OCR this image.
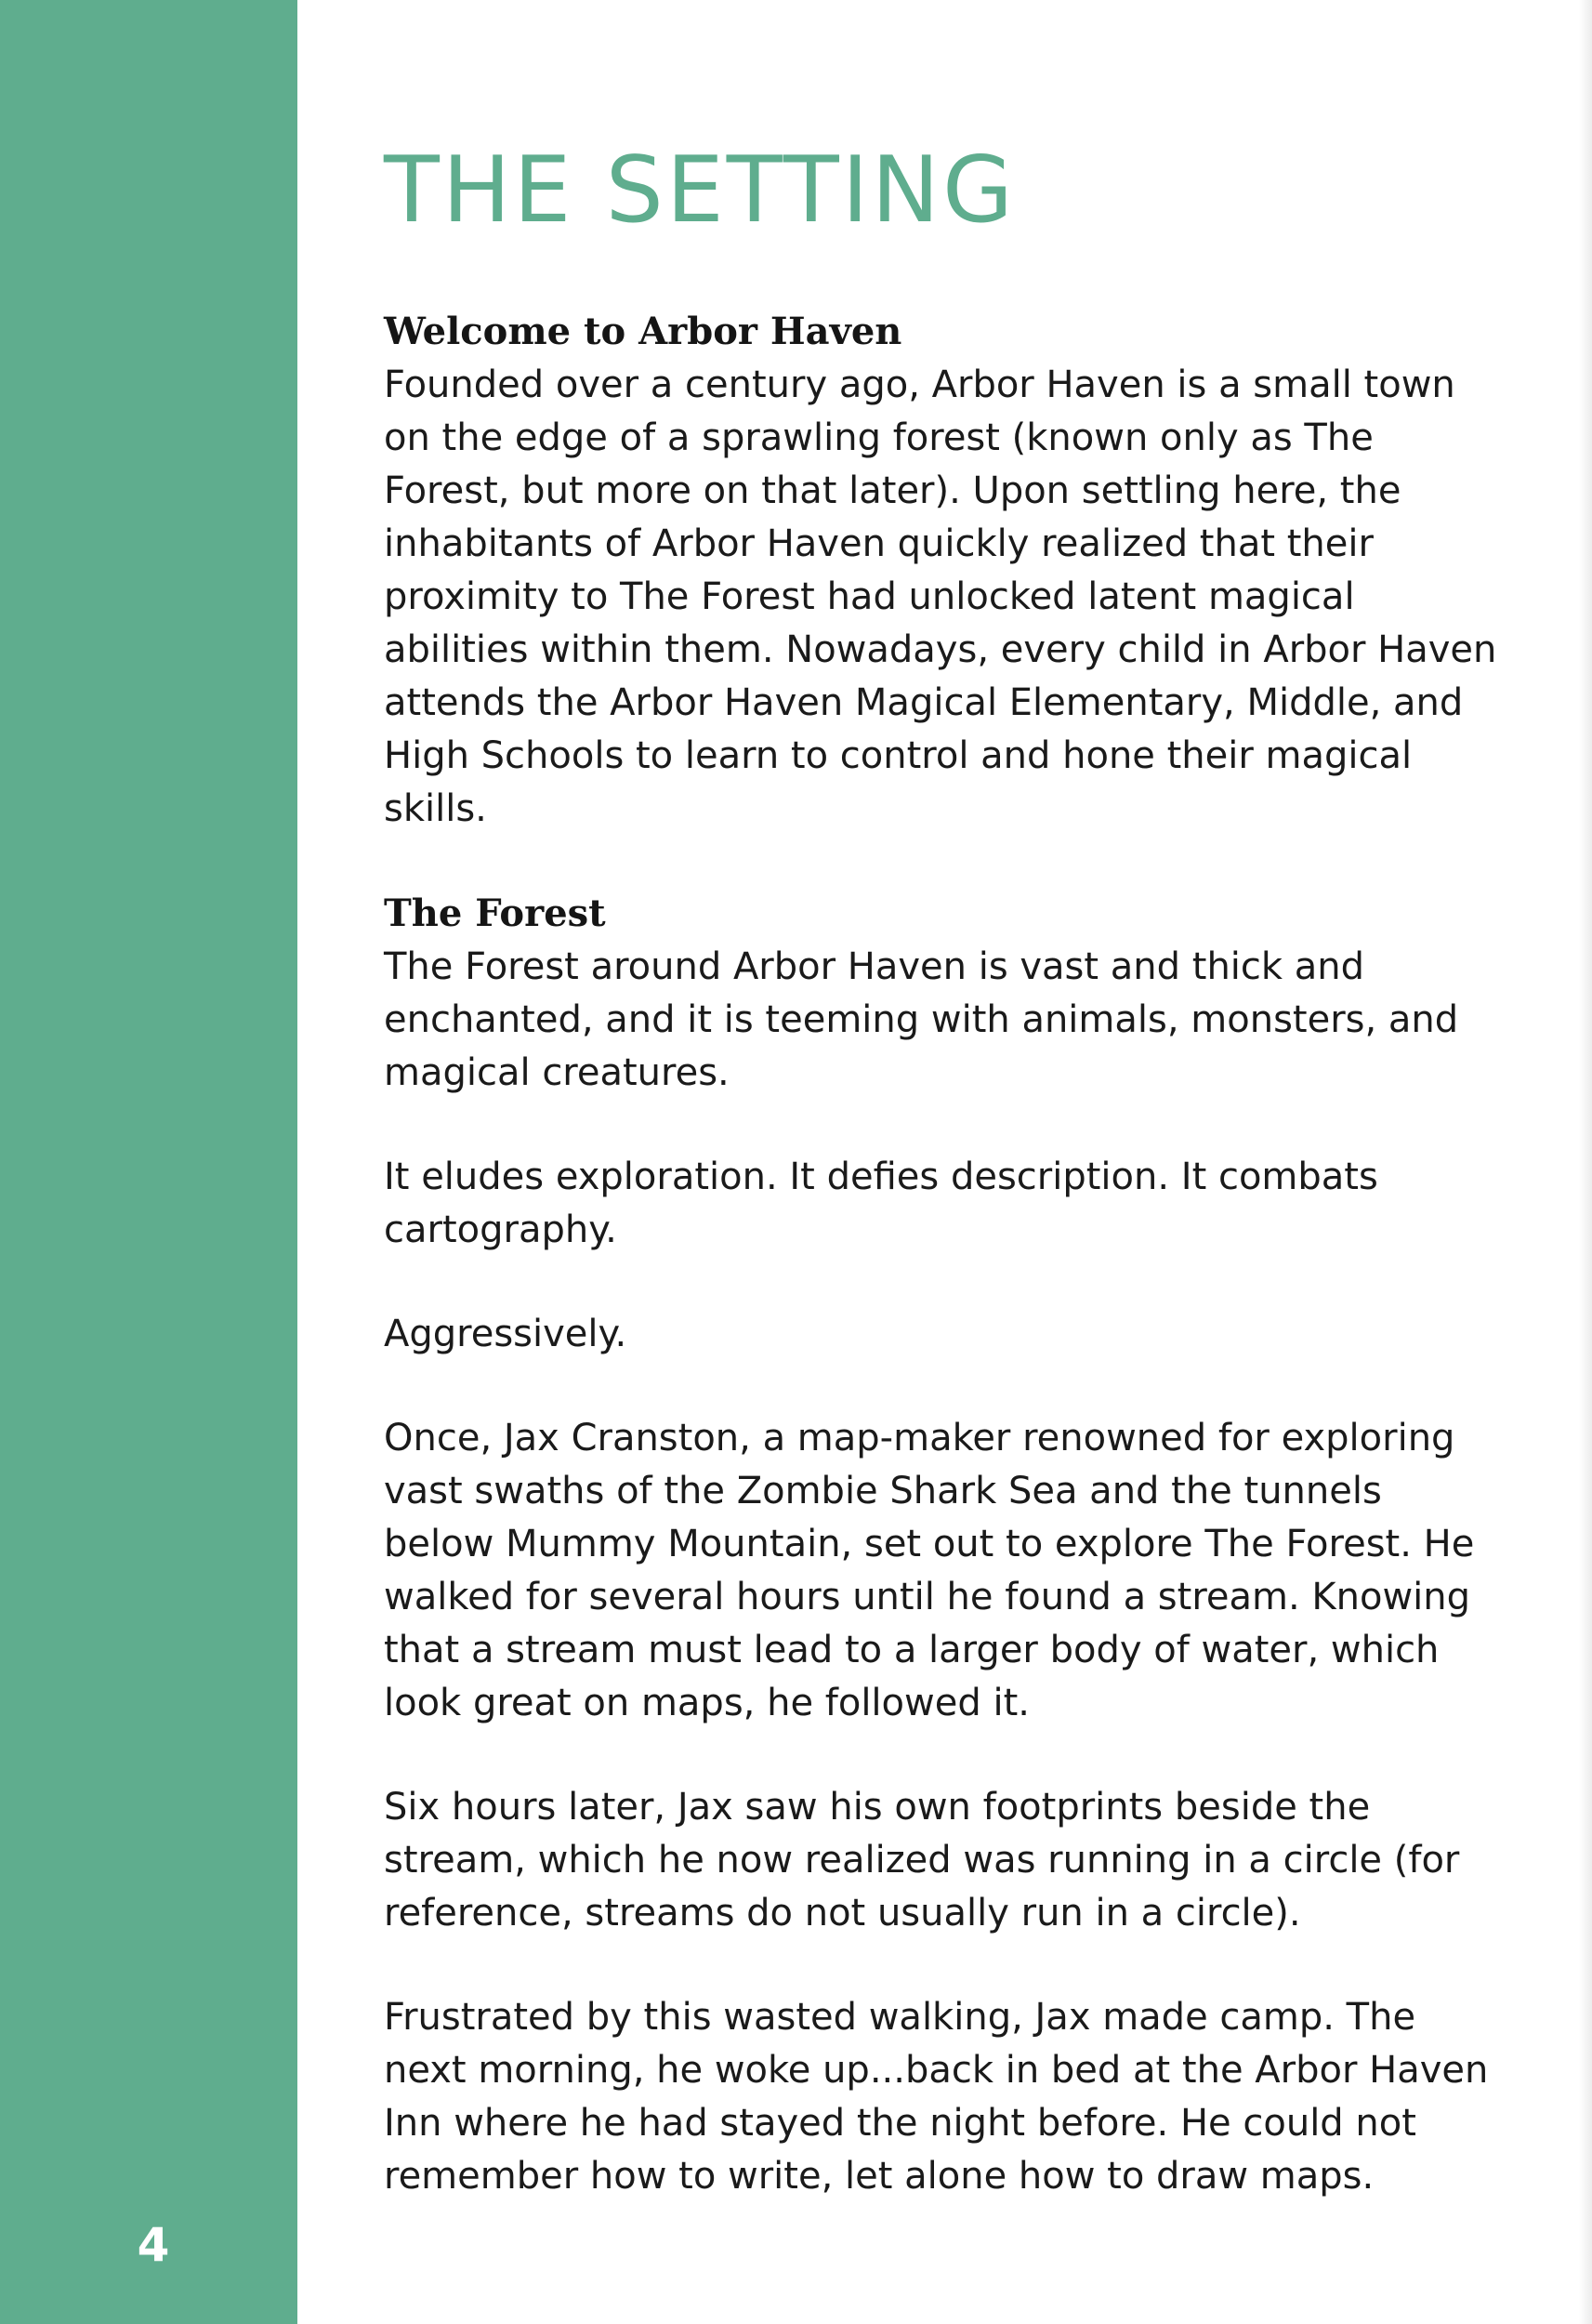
4
THE SETTING
Welcome to Arbor Haven

Founded over a century ago, Arbor Haven is a small town on the edge of a sprawling forest (known only as The Forest, but more on that later). Upon settling here, the inhabitants of Arbor Haven quickly realized that their proximity to The Forest had unlocked latent magical abilities within them. Nowadays, every child in Arbor Haven attends the Arbor Haven Magical Elementary, Middle, and High Schools to learn to control and hone their magical skills.

The Forest

The Forest around Arbor Haven is vast and thick and enchanted, and it is teeming with animals, monsters, and magical creatures.

It eludes exploration. It defies description. It combats cartography.

Aggressively.

Once, Jax Cranston, a map-maker renowned for exploring vast swaths of the Zombie Shark Sea and the tunnels below Mummy Mountain, set out to explore The Forest. He walked for several hours until he found a stream. Knowing that a stream must lead to a larger body of water, which look great on maps, he followed it.

Six hours later, Jax saw his own footprints beside the stream, which he now realized was running in a circle (for reference, streams do not usually run in a circle).

Frustrated by this wasted walking, Jax made camp. The next morning, he woke up...back in bed at the Arbor Haven Inn where he had stayed the night before. He could not remember how to write, let alone how to draw maps.
